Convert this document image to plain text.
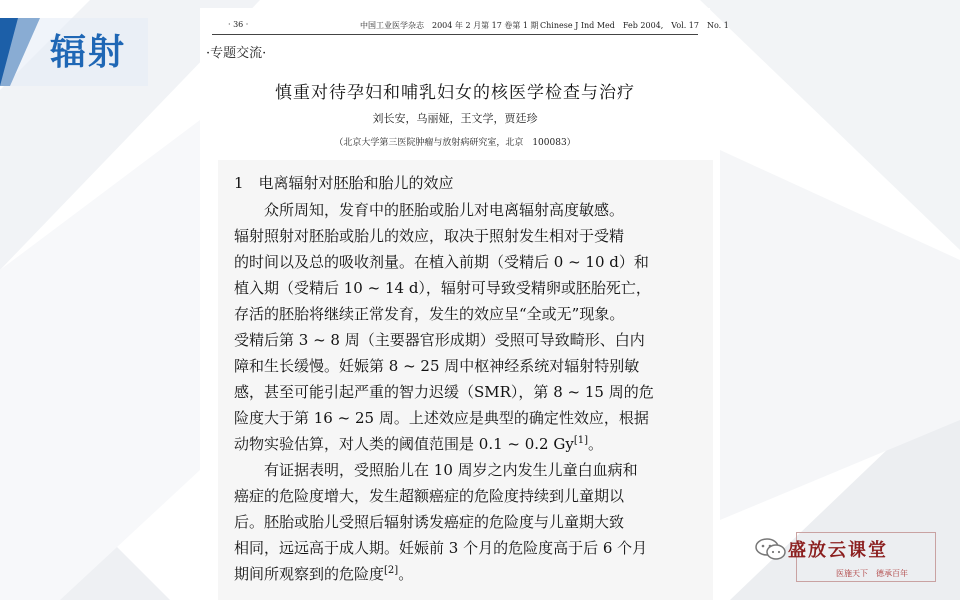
辐射
· 36 ·	中国工业医学杂志　2004 年 2 月第 17 卷第 1 期 Chinese J Ind Med　Feb 2004,　Vol. 17　No. 1
·专题交流·
慎重对待孕妇和哺乳妇女的核医学检查与治疗
刘长安，乌丽娅，王文学，贾廷珍
（北京大学第三医院肿瘤与放射病研究室，北京　100083）
1　电离辐射对胚胎和胎儿的效应
众所周知，发育中的胚胎或胎儿对电离辐射高度敏感。
辐射照射对胚胎或胎儿的效应，取决于照射发生相对于受精
的时间以及总的吸收剂量。在植入前期（受精后 0 ~ 10 d）和
植入期（受精后 10 ~ 14 d），辐射可导致受精卵或胚胎死亡，
存活的胚胎将继续正常发育，发生的效应呈“全或无”现象。
受精后第 3 ~ 8 周（主要器官形成期）受照可导致畸形、白内
障和生长缓慢。妊娠第 8 ~ 25 周中枢神经系统对辐射特别敏
感，甚至可能引起严重的智力迟缓（SMR），第 8 ~ 15 周的危
险度大于第 16 ~ 25 周。上述效应是典型的确定性效应，根据
动物实验估算，对人类的阈值范围是 0.1 ~ 0.2 Gy[1]。
有证据表明，受照胎儿在 10 周岁之内发生儿童白血病和
癌症的危险度增大，发生超额癌症的危险度持续到儿童期以
后。胚胎或胎儿受照后辐射诱发癌症的危险度与儿童期大致
相同，远远高于成人期。妊娠前 3 个月的危险度高于后 6 个月
期间所观察到的危险度[2]。
盛放云课堂
医施天下　德承百年
